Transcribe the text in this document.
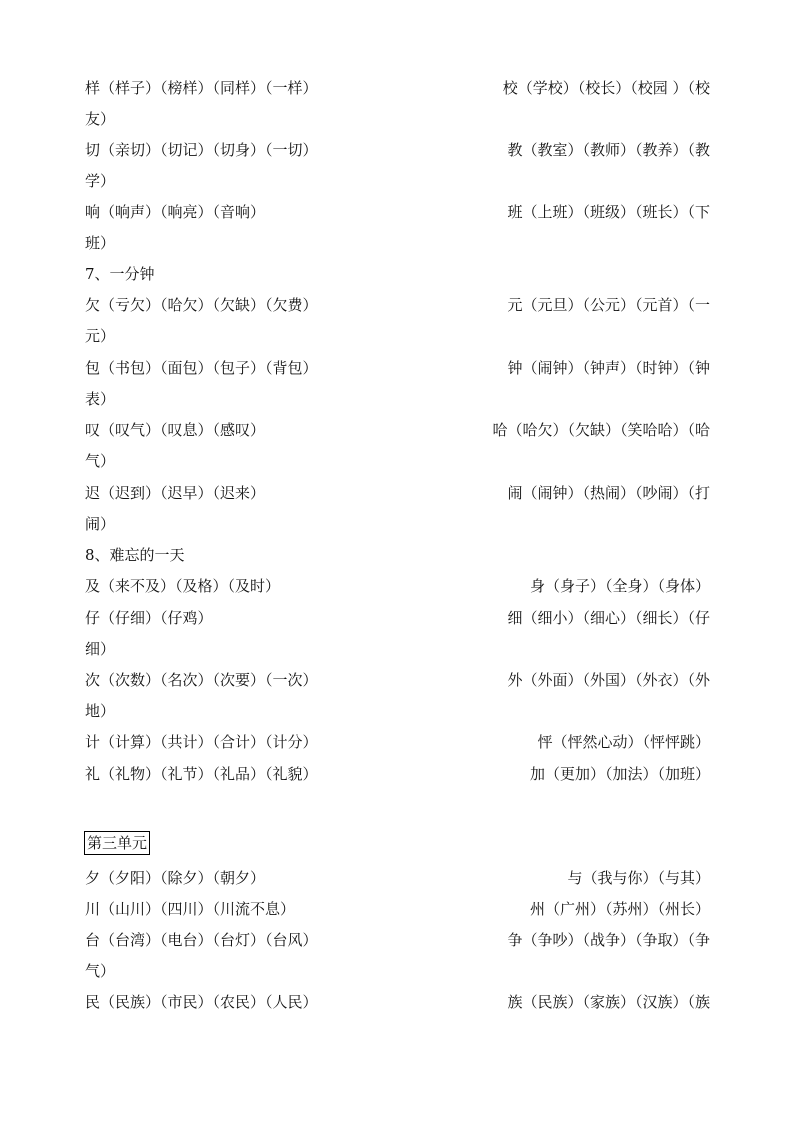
样（样子）（榜样）（同样）（一样）	校（学校）（校长）（校园 ）（校
友）
切（亲切）（切记）（切身）（一切）	教（教室）（教师）（教养）（教
学）
响（响声）（响亮）（音响）	班（上班）（班级）（班长）（下
班）
7、一分钟
欠（亏欠）（哈欠）（欠缺）（欠费）	元（元旦）（公元）（元首）（一
元）
包（书包）（面包）（包子）（背包）	钟（闹钟）（钟声）（时钟）（钟
表）
叹（叹气）（叹息）（感叹）	哈（哈欠）（欠缺）（笑哈哈）（哈
气）
迟（迟到）（迟早）（迟来）	闹（闹钟）（热闹）（吵闹）（打
闹）
8、难忘的一天
及（来不及）（及格）（及时）	身（身子）（全身）（身体）
仔（仔细）（仔鸡）	细（细小）（细心）（细长）（仔
细）
次（次数）（名次）（次要）（一次）	外（外面）（外国）（外衣）（外
地）
计（计算）（共计）（合计）（计分）	怦（怦然心动）（怦怦跳）
礼（礼物）（礼节）（礼品）（礼貌）	加（更加）（加法）（加班）
第三单元
夕（夕阳）（除夕）（朝夕）	与（我与你）（与其）
川（山川）（四川）（川流不息）	州（广州）（苏州）（州长）
台（台湾）（电台）（台灯）（台风）	争（争吵）（战争）（争取）（争
气）
民（民族）（市民）（农民）（人民）	族（民族）（家族）（汉族）（族
